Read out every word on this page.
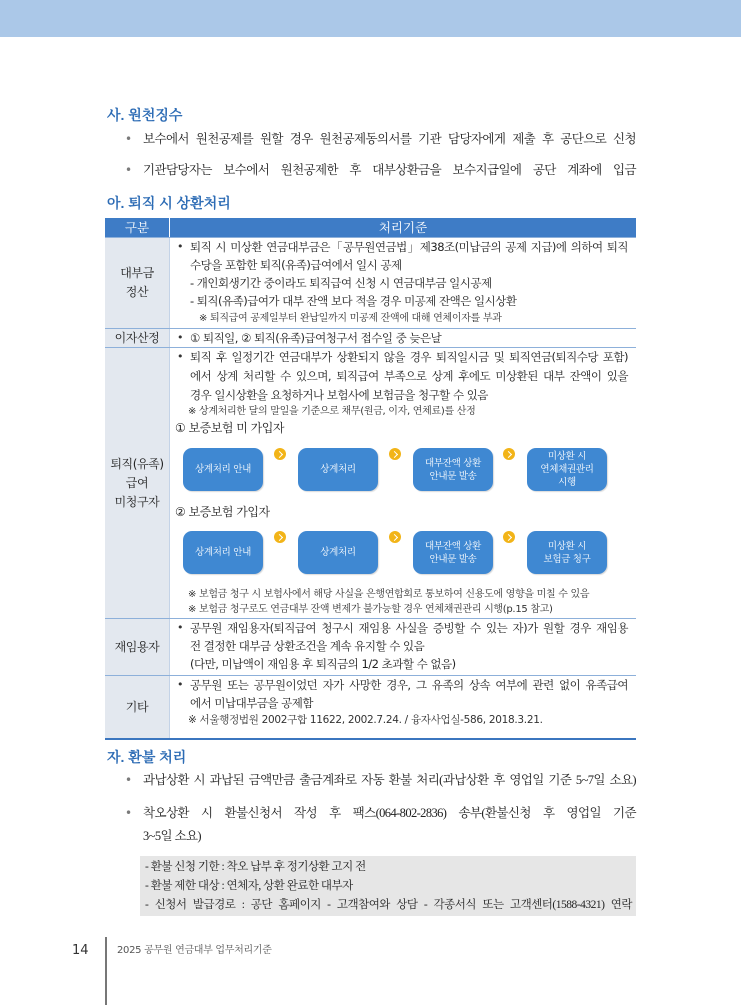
사. 원천징수
•
보수에서 원천공제를 원할 경우 원천공제동의서를 기관 담당자에게 제출 후 공단으로 신청
•
기관담당자는 보수에서 원천공제한 후 대부상환금을 보수지급일에 공단 계좌에 입금
아. 퇴직 시 상환처리
구분	처리기준
대부금
정산
•
퇴직 시 미상환 연금대부금은「공무원연금법」제38조(미납금의 공제 지급)에 의하여 퇴직
수당을 포함한 퇴직(유족)급여에서 일시 공제
- 개인회생기간 중이라도 퇴직급여 신청 시 연금대부금 일시공제
- 퇴직(유족)급여가 대부 잔액 보다 적을 경우 미공제 잔액은 일시상환
※ 퇴직급여 공제일부터 완납일까지 미공제 잔액에 대해 연체이자를 부과
이자산정
•	① 퇴직일, ② 퇴직(유족)급여청구서 접수일 중 늦은날
퇴직(유족)
급여
미청구자
•
퇴직 후 일정기간 연금대부가 상환되지 않을 경우 퇴직일시금 및 퇴직연금(퇴직수당 포함)
에서 상계 처리할 수 있으며, 퇴직급여 부족으로 상계 후에도 미상환된 대부 잔액이 있을
경우 일시상환을 요청하거나 보험사에 보험금을 청구할 수 있음
※ 상계처리한 달의 말일을 기준으로 채무(원금, 이자, 연체료)를 산정
① 보증보험 미 가입자
상계처리 안내	상계처리
대부잔액 상환
안내문 발송
미상환 시
연체채권관리
시행
② 보증보험 가입자
상계처리 안내	상계처리
대부잔액 상환
안내문 발송
미상환 시
보험금 청구
※ 보험금 청구 시 보험사에서 해당 사실을 은행연합회로 통보하여 신용도에 영향을 미칠 수 있음
※ 보험금 청구로도 연금대부 잔액 변제가 불가능할 경우 연체채권관리 시행(p.15 참고)
재임용자
•
공무원 재임용자(퇴직급여 청구시 재임용 사실을 증빙할 수 있는 자)가 원할 경우 재임용
전 결정한 대부금 상환조건을 계속 유지할 수 있음
(다만, 미납액이 재임용 후 퇴직금의 1/2 초과할 수 없음)
기타
•
공무원 또는 공무원이었던 자가 사망한 경우, 그 유족의 상속 여부에 관련 없이 유족급여
에서 미납대부금을 공제함
※ 서울행정법원 2002구합 11622, 2002.7.24. / 융자사업실-586, 2018.3.21.
자. 환불 처리
•
과납상환 시 과납된 금액만큼 출금계좌로 자동 환불 처리(과납상환 후 영업일 기준 5~7일 소요)
•
착오상환 시 환불신청서 작성 후 팩스(064-802-2836) 송부(환불신청 후 영업일 기준
3~5일 소요)
- 환불 신청 기한 : 착오 납부 후 정기상환 고지 전
- 환불 제한 대상 : 연체자, 상환 완료한 대부자
- 신청서 발급경로 : 공단 홈페이지 - 고객참여와 상담 - 각종서식 또는 고객센터(1588-4321) 연락
14	2025 공무원 연금대부 업무처리기준
